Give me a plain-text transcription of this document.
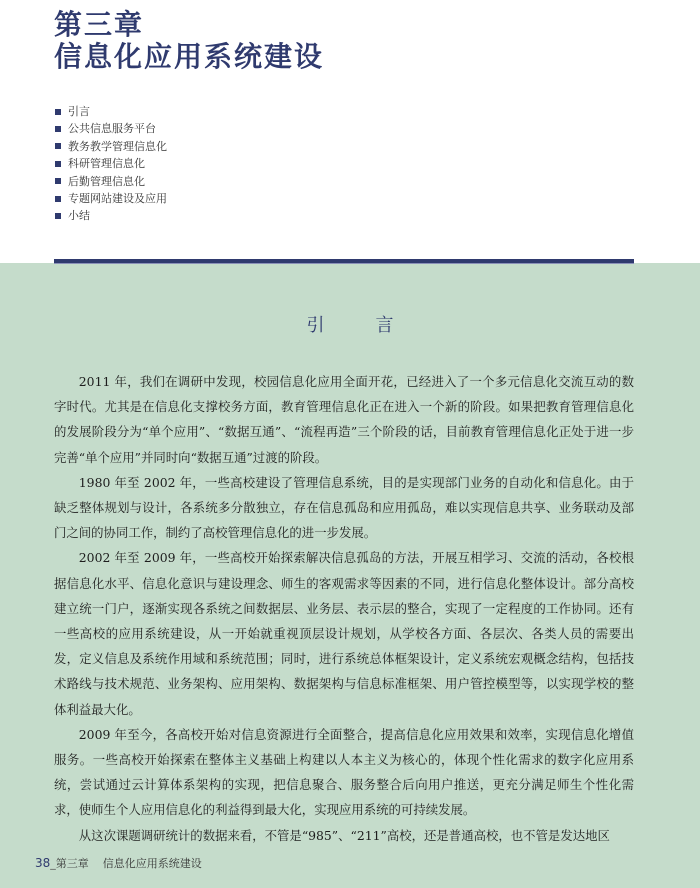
第三章
信息化应用系统建设
引言
公共信息服务平台
教务教学管理信息化
科研管理信息化
后勤管理信息化
专题网站建设及应用
小结
引	言

2011 年，我们在调研中发现，校园信息化应用全面开花，已经进入了一个多元信息化交流互动的数字时代。尤其是在信息化支撑校务方面，教育管理信息化正在进入一个新的阶段。如果把教育管理信息化的发展阶段分为“单个应用”、“数据互通”、“流程再造”三个阶段的话，目前教育管理信息化正处于进一步完善“单个应用”并同时向“数据互通”过渡的阶段。

1980 年至 2002 年，一些高校建设了管理信息系统，目的是实现部门业务的自动化和信息化。由于缺乏整体规划与设计，各系统多分散独立，存在信息孤岛和应用孤岛，难以实现信息共享、业务联动及部门之间的协同工作，制约了高校管理信息化的进一步发展。

2002 年至 2009 年，一些高校开始探索解决信息孤岛的方法，开展互相学习、交流的活动，各校根据信息化水平、信息化意识与建设理念、师生的客观需求等因素的不同，进行信息化整体设计。部分高校建立统一门户，逐渐实现各系统之间数据层、业务层、表示层的整合，实现了一定程度的工作协同。还有一些高校的应用系统建设，从一开始就重视顶层设计规划，从学校各方面、各层次、各类人员的需要出发，定义信息及系统作用域和系统范围；同时，进行系统总体框架设计，定义系统宏观概念结构，包括技术路线与技术规范、业务架构、应用架构、数据架构与信息标准框架、用户管控模型等，以实现学校的整体利益最大化。

2009 年至今，各高校开始对信息资源进行全面整合，提高信息化应用效果和效率，实现信息化增值服务。一些高校开始探索在整体主义基础上构建以人本主义为核心的，体现个性化需求的数字化应用系统，尝试通过云计算体系架构的实现，把信息聚合、服务整合后向用户推送，更充分满足师生个性化需求，使师生个人应用信息化的利益得到最大化，实现应用系统的可持续发展。

从这次课题调研统计的数据来看，不管是“985”、“211”高校，还是普通高校，也不管是发达地区

38_第三章 信息化应用系统建设
